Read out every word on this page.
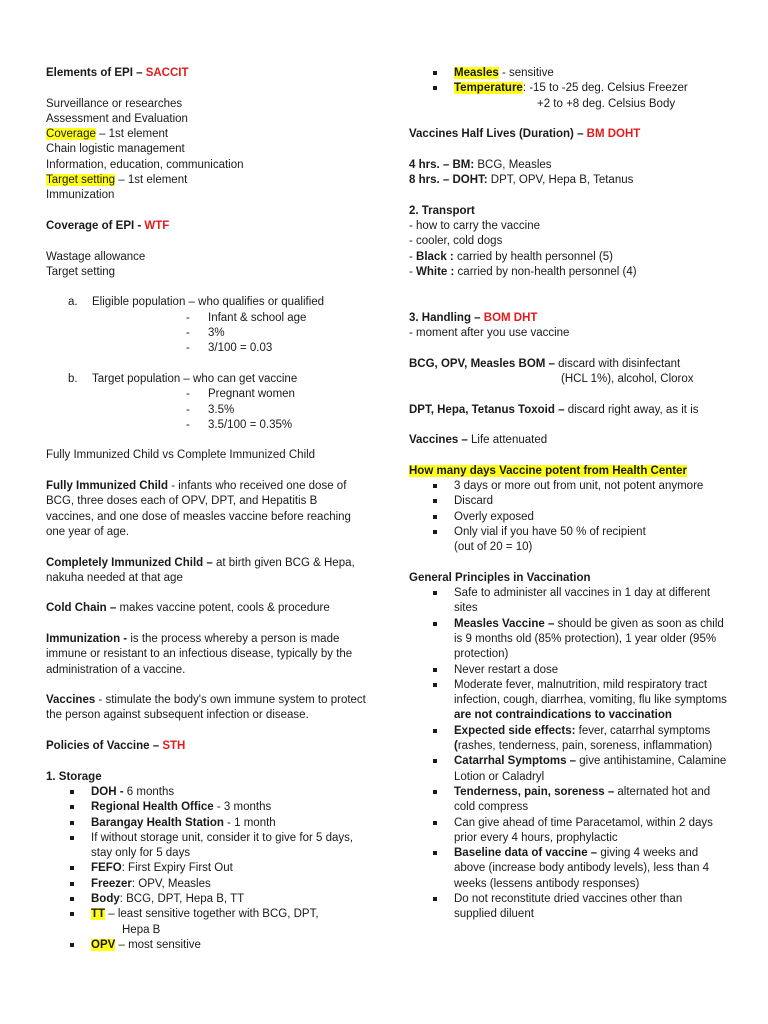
Elements of EPI – SACCIT

Surveillance or researches

Assessment and Evaluation

Coverage – 1st element

Chain logistic management

Information, education, communication

Target setting – 1st element

Immunization

Coverage of EPI - WTF

Wastage allowance

Target setting

a. Eligible population – who qualifies or qualified

- Infant & school age

- 3%

- 3/100 = 0.03

b. Target population – who can get vaccine

- Pregnant women

- 3.5%

- 3.5/100 = 0.35%

Fully Immunized Child vs Complete Immunized Child

Fully Immunized Child - infants who received one dose of BCG, three doses each of OPV, DPT, and Hepatitis B vaccines, and one dose of measles vaccine before reaching one year of age.

Completely Immunized Child – at birth given BCG & Hepa, nakuha needed at that age

Cold Chain – makes vaccine potent, cools & procedure

Immunization - is the process whereby a person is made immune or resistant to an infectious disease, typically by the administration of a vaccine.

Vaccines - stimulate the body's own immune system to protect the person against subsequent infection or disease.

Policies of Vaccine – STH

1. Storage

DOH - 6 months
Regional Health Office - 3 months
Barangay Health Station - 1 month
If without storage unit, consider it to give for 5 days, stay only for 5 days
FEFO: First Expiry First Out
Freezer: OPV, Measles
Body: BCG, DPT, Hepa B, TT
TT – least sensitive together with BCG, DPT,

Hepa B

OPV – most sensitive
Measles - sensitive
Temperature: -15 to -25 deg. Celsius Freezer

+2 to +8 deg. Celsius Body

Vaccines Half Lives (Duration) – BM DOHT

4 hrs. – BM: BCG, Measles

8 hrs. – DOHT: DPT, OPV, Hepa B, Tetanus

2. Transport

- how to carry the vaccine

- cooler, cold dogs

- Black : carried by health personnel (5)

- White : carried by non-health personnel (4)

3. Handling – BOM DHT

- moment after you use vaccine

BCG, OPV, Measles BOM – discard with disinfectant

(HCL 1%), alcohol, Clorox

DPT, Hepa, Tetanus Toxoid – discard right away, as it is

Vaccines – Life attenuated

How many days Vaccine potent from Health Center

3 days or more out from unit, not potent anymore
Discard
Overly exposed
Only vial if you have 50 % of recipient

(out of 20 = 10)

General Principles in Vaccination

Safe to administer all vaccines in 1 day at different sites
Measles Vaccine – should be given as soon as child is 9 months old (85% protection), 1 year older (95% protection)
Never restart a dose
Moderate fever, malnutrition, mild respiratory tract infection, cough, diarrhea, vomiting, flu like symptoms are not contraindications to vaccination
Expected side effects: fever, catarrhal symptoms (rashes, tenderness, pain, soreness, inflammation)
Catarrhal Symptoms – give antihistamine, Calamine Lotion or Caladryl
Tenderness, pain, soreness – alternated hot and cold compress
Can give ahead of time Paracetamol, within 2 days prior every 4 hours, prophylactic
Baseline data of vaccine – giving 4 weeks and above (increase body antibody levels), less than 4 weeks (lessens antibody responses)
Do not reconstitute dried vaccines other than supplied diluent
